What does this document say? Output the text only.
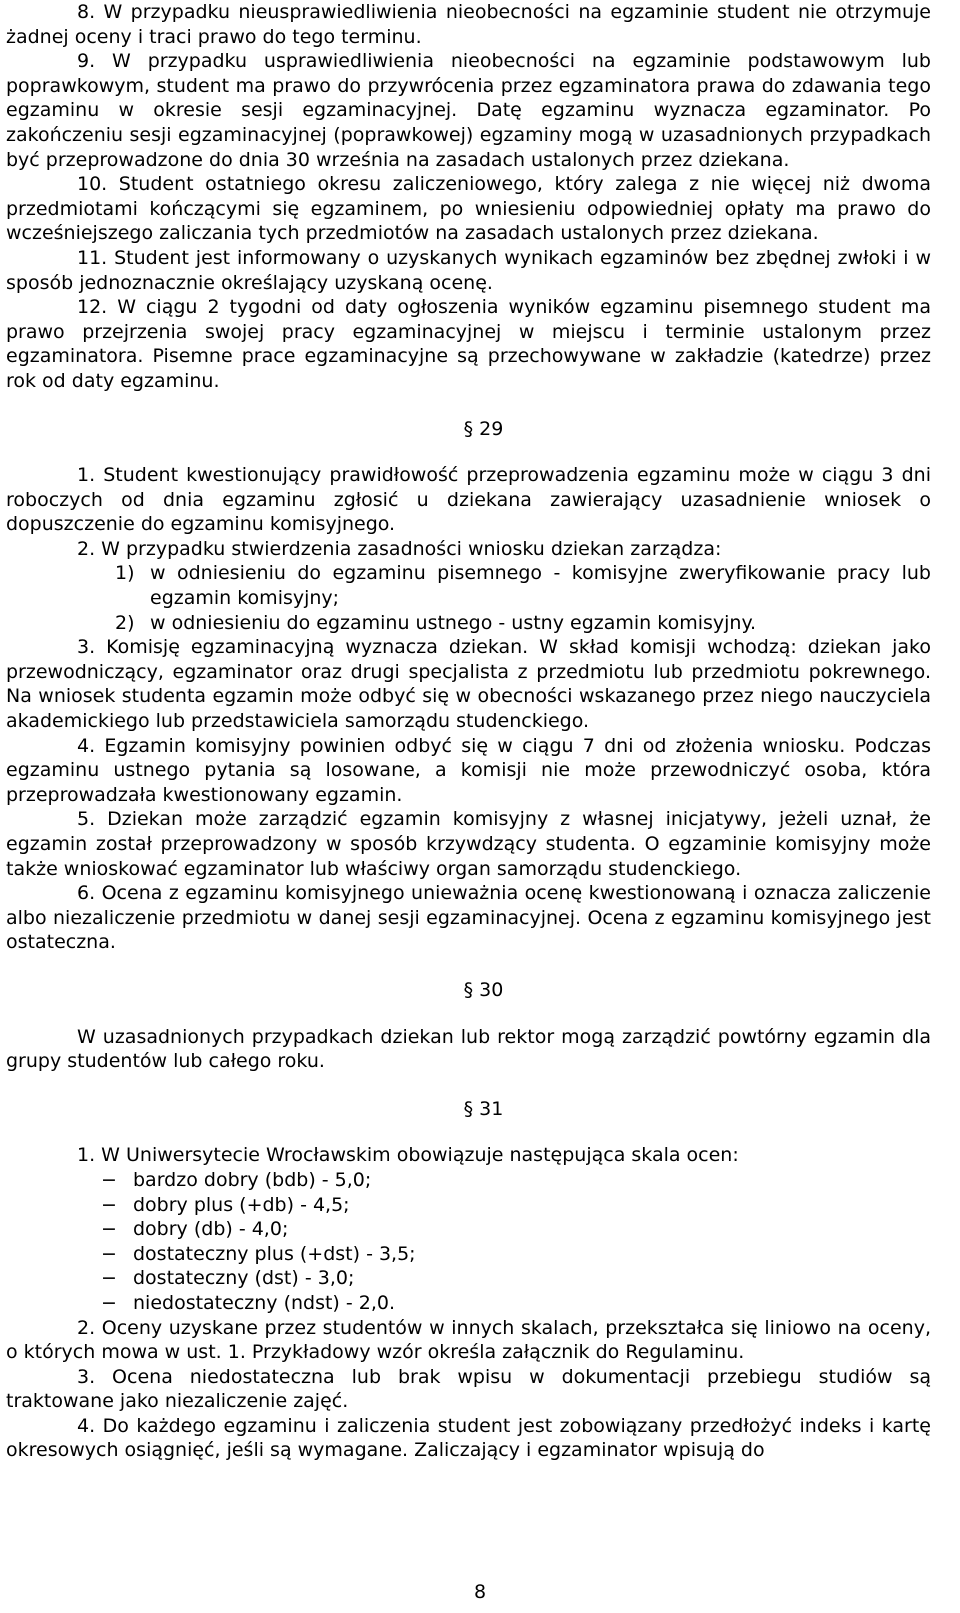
8. W przypadku nieusprawiedliwienia nieobecności na egzaminie student nie otrzymuje żadnej oceny i traci prawo do tego terminu.

9. W przypadku usprawiedliwienia nieobecności na egzaminie podstawowym lub poprawkowym, student ma prawo do przywrócenia przez egzaminatora prawa do zdawania tego egzaminu w okresie sesji egzaminacyjnej. Datę egzaminu wyznacza egzaminator. Po zakończeniu sesji egzaminacyjnej (poprawkowej) egzaminy mogą w uzasadnionych przypadkach być przeprowadzone do dnia 30 września na zasadach ustalonych przez dziekana.

10. Student ostatniego okresu zaliczeniowego, który zalega z nie więcej niż dwoma przedmiotami kończącymi się egzaminem, po wniesieniu odpowiedniej opłaty ma prawo do wcześniejszego zaliczania tych przedmiotów na zasadach ustalonych przez dziekana.

11. Student jest informowany o uzyskanych wynikach egzaminów bez zbędnej zwłoki i w sposób jednoznacznie określający uzyskaną ocenę.

12. W ciągu 2 tygodni od daty ogłoszenia wyników egzaminu pisemnego student ma prawo przejrzenia swojej pracy egzaminacyjnej w miejscu i terminie ustalonym przez egzaminatora. Pisemne prace egzaminacyjne są przechowywane w zakładzie (katedrze) przez rok od daty egzaminu.

§ 29

1. Student kwestionujący prawidłowość przeprowadzenia egzaminu może w ciągu 3 dni roboczych od dnia egzaminu zgłosić u dziekana zawierający uzasadnienie wniosek o dopuszczenie do egzaminu komisyjnego.

2. W przypadku stwierdzenia zasadności wniosku dziekan zarządza:

1) w odniesieniu do egzaminu pisemnego - komisyjne zweryfikowanie pracy lub egzamin komisyjny;

2) w odniesieniu do egzaminu ustnego - ustny egzamin komisyjny.

3. Komisję egzaminacyjną wyznacza dziekan. W skład komisji wchodzą: dziekan jako przewodniczący, egzaminator oraz drugi specjalista z przedmiotu lub przedmiotu pokrewnego. Na wniosek studenta egzamin może odbyć się w obecności wskazanego przez niego nauczyciela akademickiego lub przedstawiciela samorządu studenckiego.

4. Egzamin komisyjny powinien odbyć się w ciągu 7 dni od złożenia wniosku. Podczas egzaminu ustnego pytania są losowane, a komisji nie może przewodniczyć osoba, która przeprowadzała kwestionowany egzamin.

5. Dziekan może zarządzić egzamin komisyjny z własnej inicjatywy, jeżeli uznał, że egzamin został przeprowadzony w sposób krzywdzący studenta. O egzaminie komisyjny może także wnioskować egzaminator lub właściwy organ samorządu studenckiego.

6. Ocena z egzaminu komisyjnego unieważnia ocenę kwestionowaną i oznacza zaliczenie albo niezaliczenie przedmiotu w danej sesji egzaminacyjnej. Ocena z egzaminu komisyjnego jest ostateczna.

§ 30

W uzasadnionych przypadkach dziekan lub rektor mogą zarządzić powtórny egzamin dla grupy studentów lub całego roku.

§ 31

1. W Uniwersytecie Wrocławskim obowiązuje następująca skala ocen:

− bardzo dobry (bdb) - 5,0;

− dobry plus (+db) - 4,5;

− dobry (db) - 4,0;

− dostateczny plus (+dst) - 3,5;

− dostateczny (dst) - 3,0;

− niedostateczny (ndst) - 2,0.

2. Oceny uzyskane przez studentów w innych skalach, przekształca się liniowo na oceny, o których mowa w ust. 1. Przykładowy wzór określa załącznik do Regulaminu.

3. Ocena niedostateczna lub brak wpisu w dokumentacji przebiegu studiów są traktowane jako niezaliczenie zajęć.

4. Do każdego egzaminu i zaliczenia student jest zobowiązany przedłożyć indeks i kartę okresowych osiągnięć, jeśli są wymagane. Zaliczający i egzaminator wpisują do

8
